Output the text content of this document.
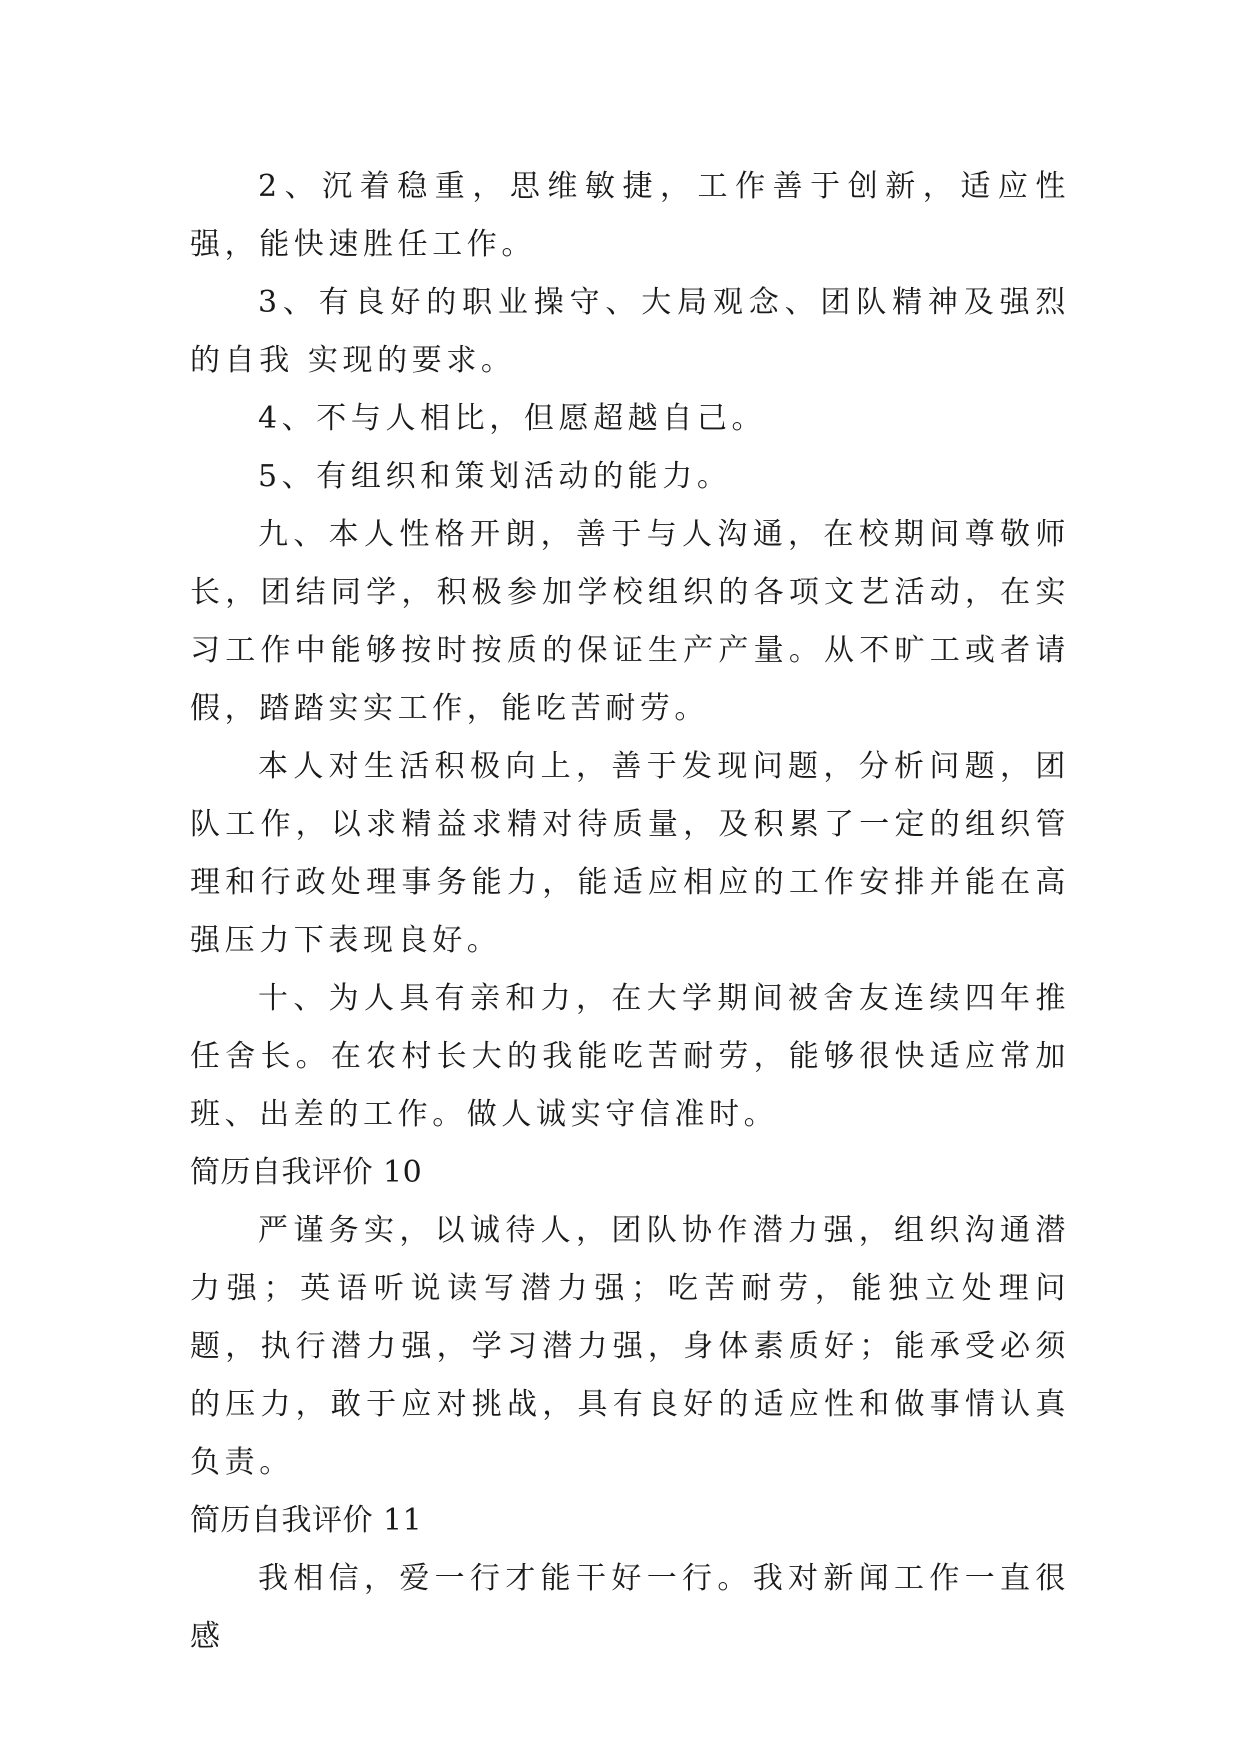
2、沉着稳重，思维敏捷，工作善于创新，适应性强，能快速胜任工作。

3、有良好的职业操守、大局观念、团队精神及强烈的自我 实现的要求。

4、不与人相比，但愿超越自己。

5、有组织和策划活动的能力。

九、本人性格开朗，善于与人沟通，在校期间尊敬师长，团结同学，积极参加学校组织的各项文艺活动，在实习工作中能够按时按质的保证生产产量。从不旷工或者请假，踏踏实实工作，能吃苦耐劳。

本人对生活积极向上，善于发现问题，分析问题，团队工作，以求精益求精对待质量，及积累了一定的组织管理和行政处理事务能力，能适应相应的工作安排并能在高强压力下表现良好。

十、为人具有亲和力，在大学期间被舍友连续四年推任舍长。在农村长大的我能吃苦耐劳，能够很快适应常加班、出差的工作。做人诚实守信准时。

简历自我评价 10

严谨务实，以诚待人，团队协作潜力强，组织沟通潜力强；英语听说读写潜力强；吃苦耐劳，能独立处理问题，执行潜力强，学习潜力强，身体素质好；能承受必须的压力，敢于应对挑战，具有良好的适应性和做事情认真负责。

简历自我评价 11

我相信，爱一行才能干好一行。我对新闻工作一直很感
